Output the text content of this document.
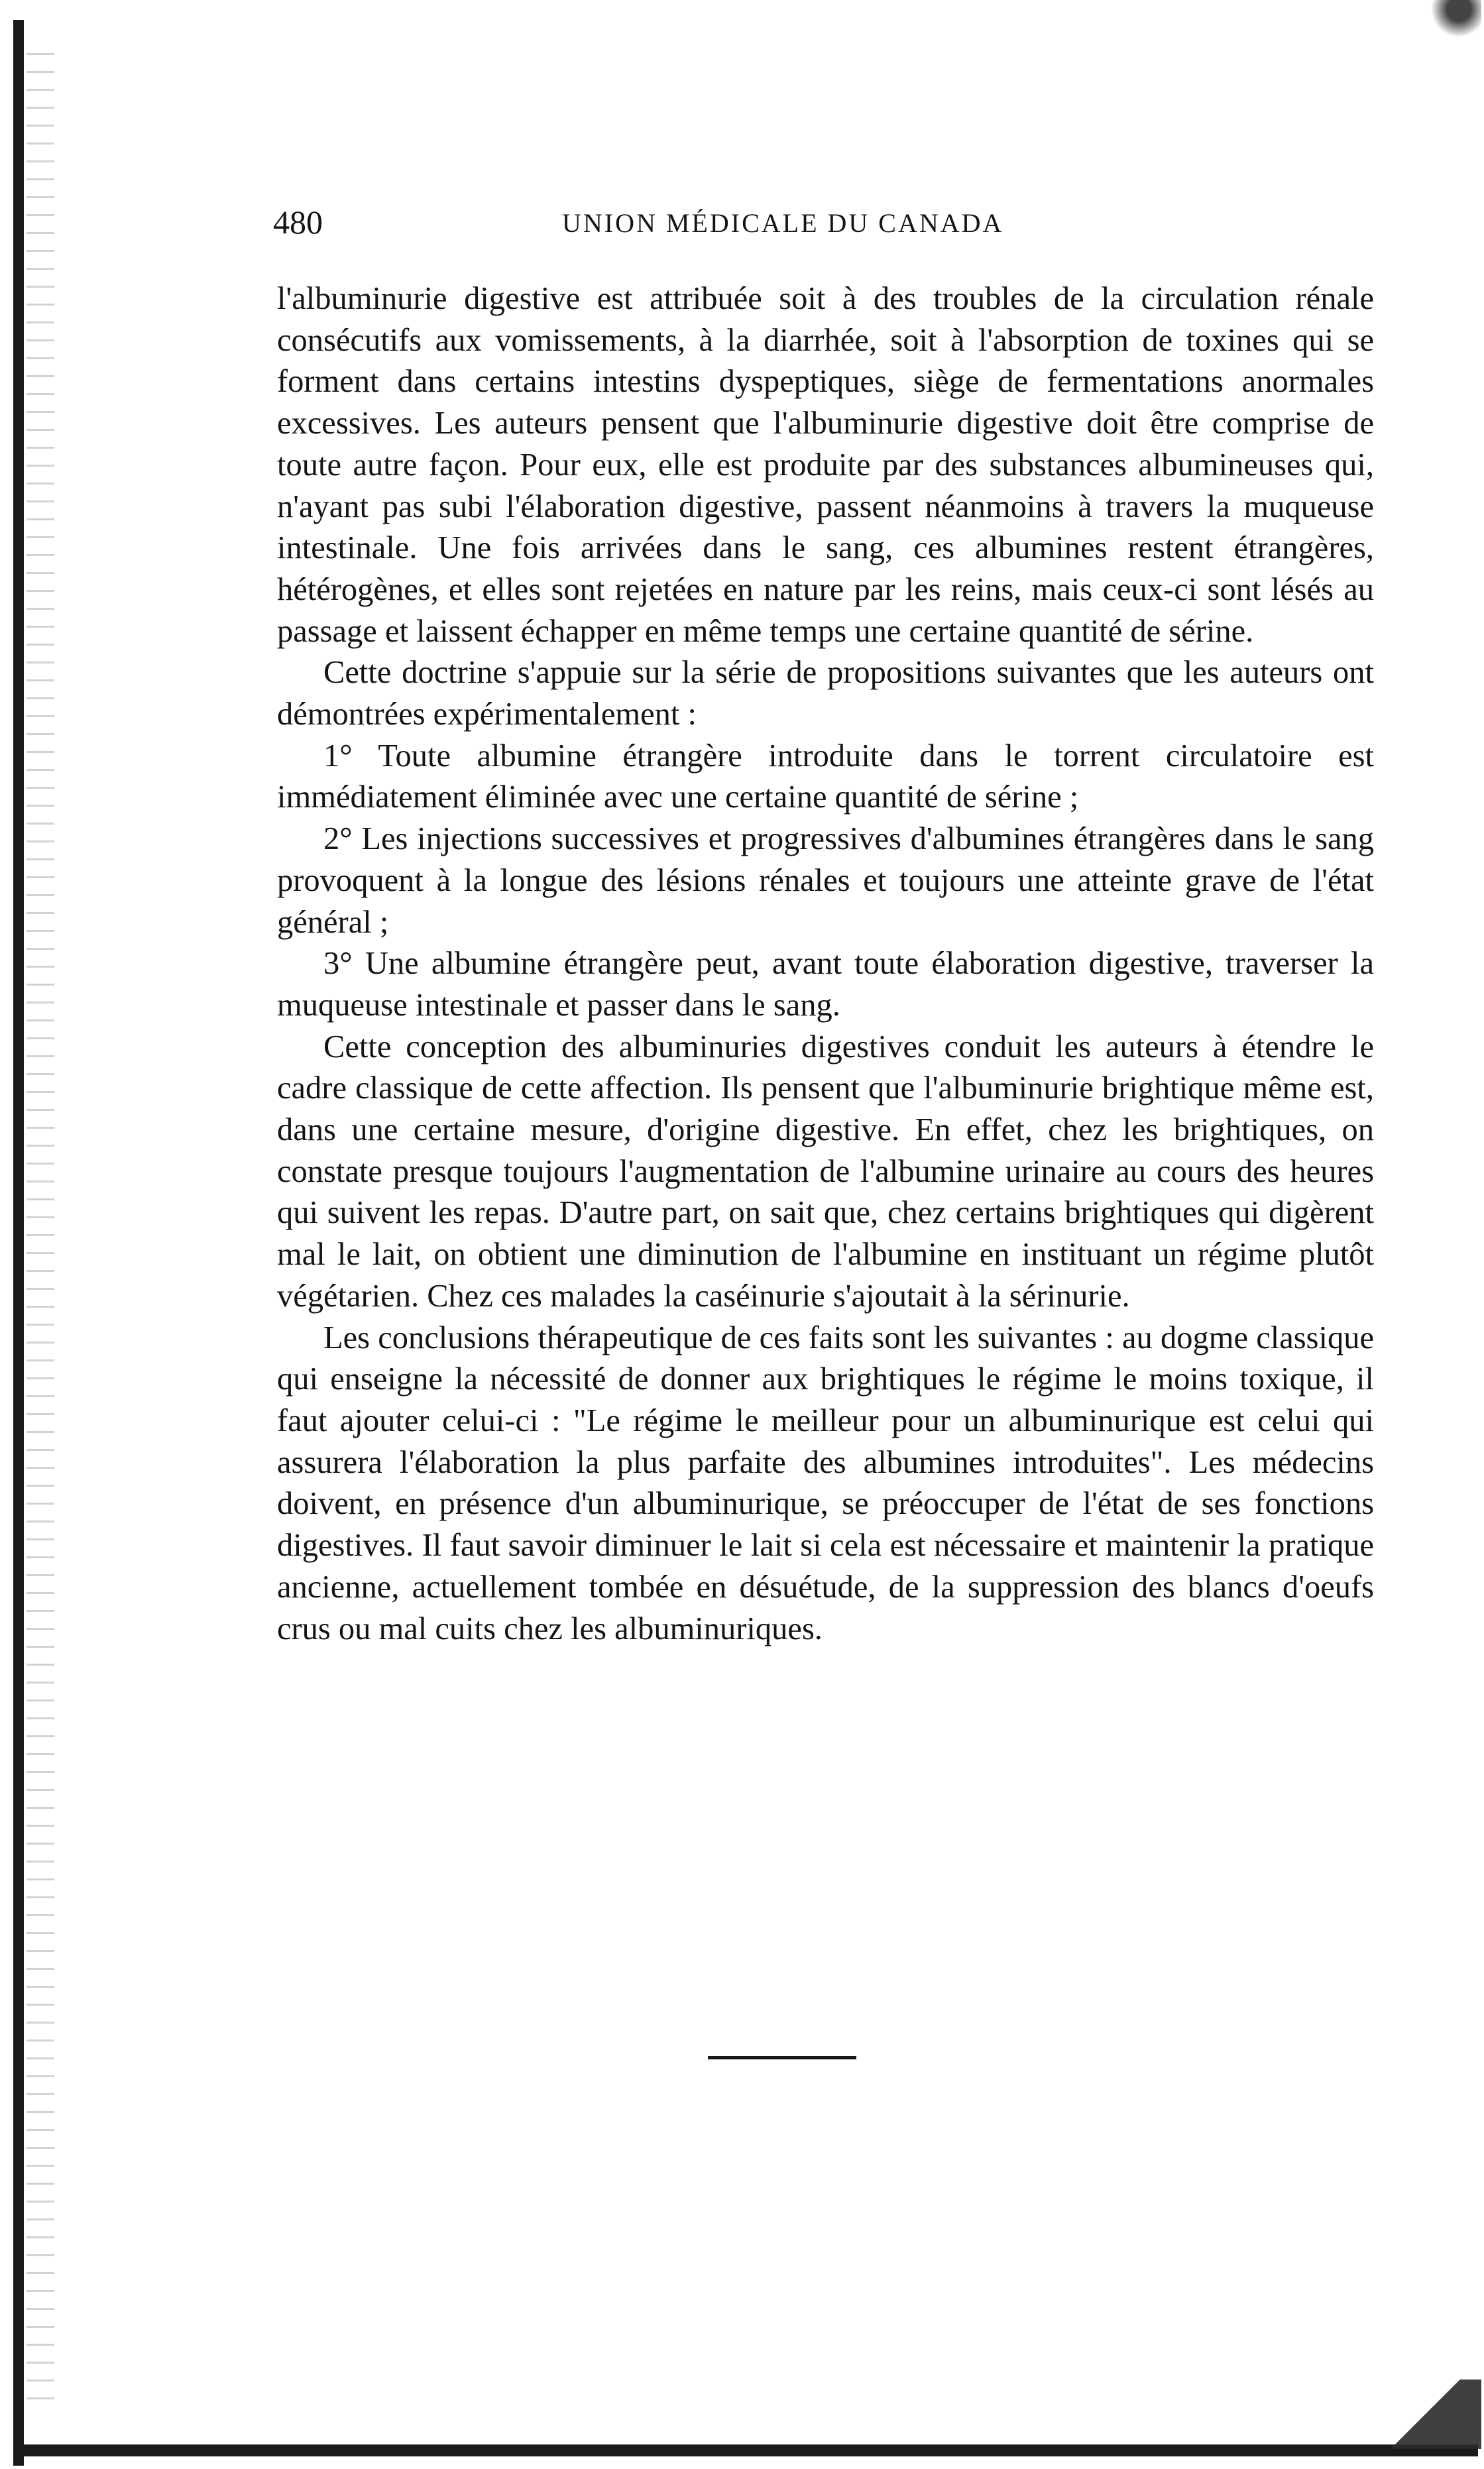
480	UNION MÉDICALE DU CANADA

l'albuminurie digestive est attribuée soit à des troubles de la circulation rénale consécutifs aux vomissements, à la diarrhée, soit à l'absorption de toxines qui se forment dans certains intestins dyspeptiques, siège de fermentations anormales excessives. Les auteurs pensent que l'albuminurie digestive doit être comprise de toute autre façon. Pour eux, elle est produite par des substances albumineuses qui, n'ayant pas subi l'élaboration digestive, passent néanmoins à travers la muqueuse intestinale. Une fois arrivées dans le sang, ces albumines restent étrangères, hétérogènes, et elles sont rejetées en nature par les reins, mais ceux-ci sont lésés au passage et laissent échapper en même temps une certaine quantité de sérine.

Cette doctrine s'appuie sur la série de propositions suivantes que les auteurs ont démontrées expérimentalement :

1° Toute albumine étrangère introduite dans le torrent circulatoire est immédiatement éliminée avec une certaine quantité de sérine ;

2° Les injections successives et progressives d'albumines étrangères dans le sang provoquent à la longue des lésions rénales et toujours une atteinte grave de l'état général ;

3° Une albumine étrangère peut, avant toute élaboration digestive, traverser la muqueuse intestinale et passer dans le sang.

Cette conception des albuminuries digestives conduit les auteurs à étendre le cadre classique de cette affection. Ils pensent que l'albuminurie brightique même est, dans une certaine mesure, d'origine digestive. En effet, chez les brightiques, on constate presque toujours l'augmentation de l'albumine urinaire au cours des heures qui suivent les repas. D'autre part, on sait que, chez certains brightiques qui digèrent mal le lait, on obtient une diminution de l'albumine en instituant un régime plutôt végétarien. Chez ces malades la caséinurie s'ajoutait à la sérinurie.

Les conclusions thérapeutique de ces faits sont les suivantes : au dogme classique qui enseigne la nécessité de donner aux brightiques le régime le moins toxique, il faut ajouter celui-ci : "Le régime le meilleur pour un albuminurique est celui qui assurera l'élaboration la plus parfaite des albumines introduites". Les médecins doivent, en présence d'un albuminurique, se préoccuper de l'état de ses fonctions digestives. Il faut savoir diminuer le lait si cela est nécessaire et maintenir la pratique ancienne, actuellement tombée en désuétude, de la suppression des blancs d'oeufs crus ou mal cuits chez les albuminuriques.
